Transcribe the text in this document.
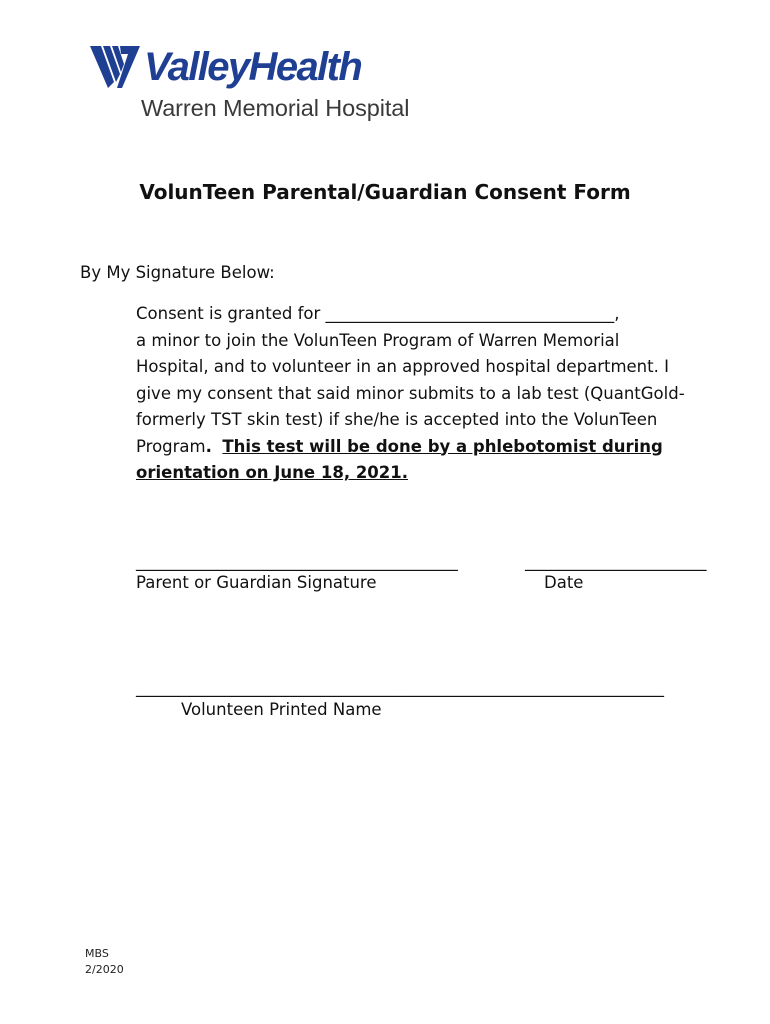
ValleyHealth
Warren Memorial Hospital
VolunTeen Parental/Guardian Consent Form
By My Signature Below:
Consent is granted for ___________________________________,
a minor to join the VolunTeen Program of Warren Memorial
Hospital, and to volunteer in an approved hospital department. I
give my consent that said minor submits to a lab test (QuantGold-
formerly TST skin test) if she/he is accepted into the VolunTeen
Program. This test will be done by a phlebotomist during
orientation on June 18, 2021.
_______________________________________	______________________
Parent or Guardian Signature	Date
________________________________________________________________
Volunteen Printed Name
MBS
2/2020
